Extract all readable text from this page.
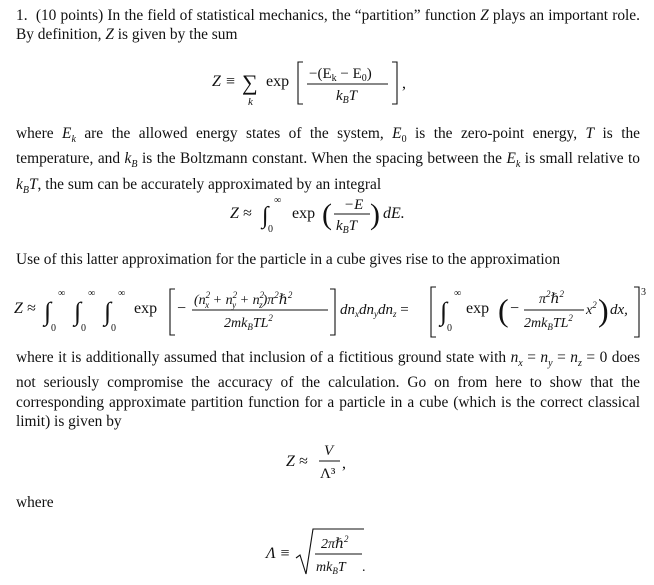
1.  (10 points) In the field of statistical mechanics, the “partition” function Z plays an important role. By definition, Z is given by the sum
Z ≡ ∑
k
$\exp -(E_k - E_0)$
$k_BT$
,
where $E_k$ are the allowed energy states of the system, $E_0$ is the zero-point energy, T is the temperature, and $k_B$ is the Boltzmann constant. When the spacing between the $E_k$ is small relative to $k_BT$, the sum can be accurately approximated by an integral
Z ≈ ∫
∞
0
exp ( −E
$k_BT$ ) dE.
Use of this latter approximation for the particle in a cube gives rise to the approximation
Z ≈ ∫
∞
0
∫
∞
0
∫
∞
0
$\exp - (n^2$ $x + n^2$ $y + n^2$ $z)\pi^2\hbar^2$
$2mk_BTL^2$	$dn_xdn_ydn_z$ = ∫
∞
0
exp ( −
$\pi^2\hbar^2$
$2mk_BTL^2$ $x^2$ ) dx,
3
where it is additionally assumed that inclusion of a fictitious ground state with $n_x = n_y = n_z = 0$ does not seriously compromise the accuracy of the calculation. Go on from here to show that the corresponding approximate partition function for a particle in a cube (which is the correct classical limit) is given by
Z ≈
V
Λ³
,
where
Λ ≡
2πℏ$^2$
$mk_BT$ .
